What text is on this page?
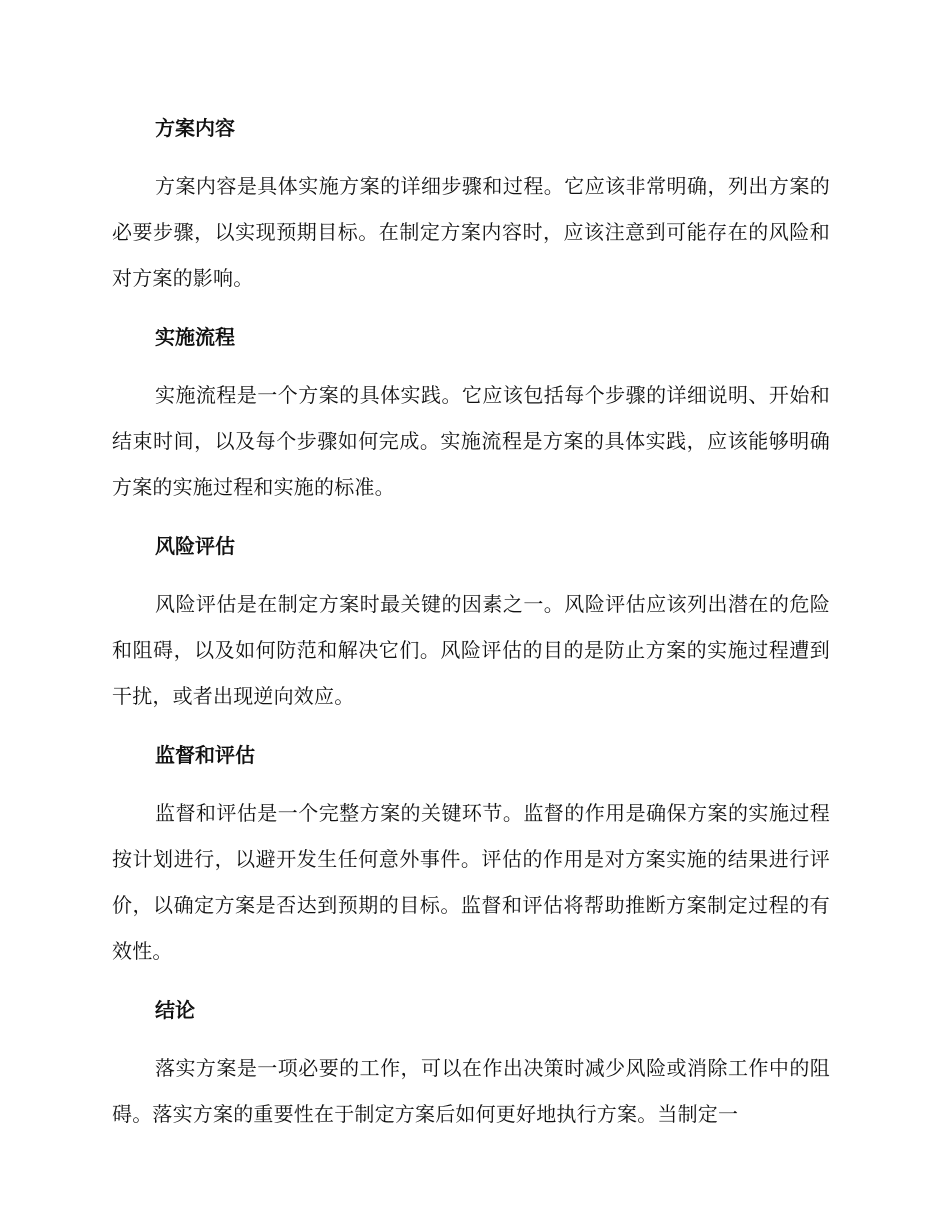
方案内容

方案内容是具体实施方案的详细步骤和过程。它应该非常明确，列出方案的必要步骤，以实现预期目标。在制定方案内容时，应该注意到可能存在的风险和对方案的影响。

实施流程

实施流程是一个方案的具体实践。它应该包括每个步骤的详细说明、开始和结束时间，以及每个步骤如何完成。实施流程是方案的具体实践，应该能够明确方案的实施过程和实施的标准。

风险评估

风险评估是在制定方案时最关键的因素之一。风险评估应该列出潜在的危险和阻碍，以及如何防范和解决它们。风险评估的目的是防止方案的实施过程遭到干扰，或者出现逆向效应。

监督和评估

监督和评估是一个完整方案的关键环节。监督的作用是确保方案的实施过程按计划进行，以避开发生任何意外事件。评估的作用是对方案实施的结果进行评价，以确定方案是否达到预期的目标。监督和评估将帮助推断方案制定过程的有效性。

结论

落实方案是一项必要的工作，可以在作出决策时减少风险或消除工作中的阻碍。落实方案的重要性在于制定方案后如何更好地执行方案。当制定一
